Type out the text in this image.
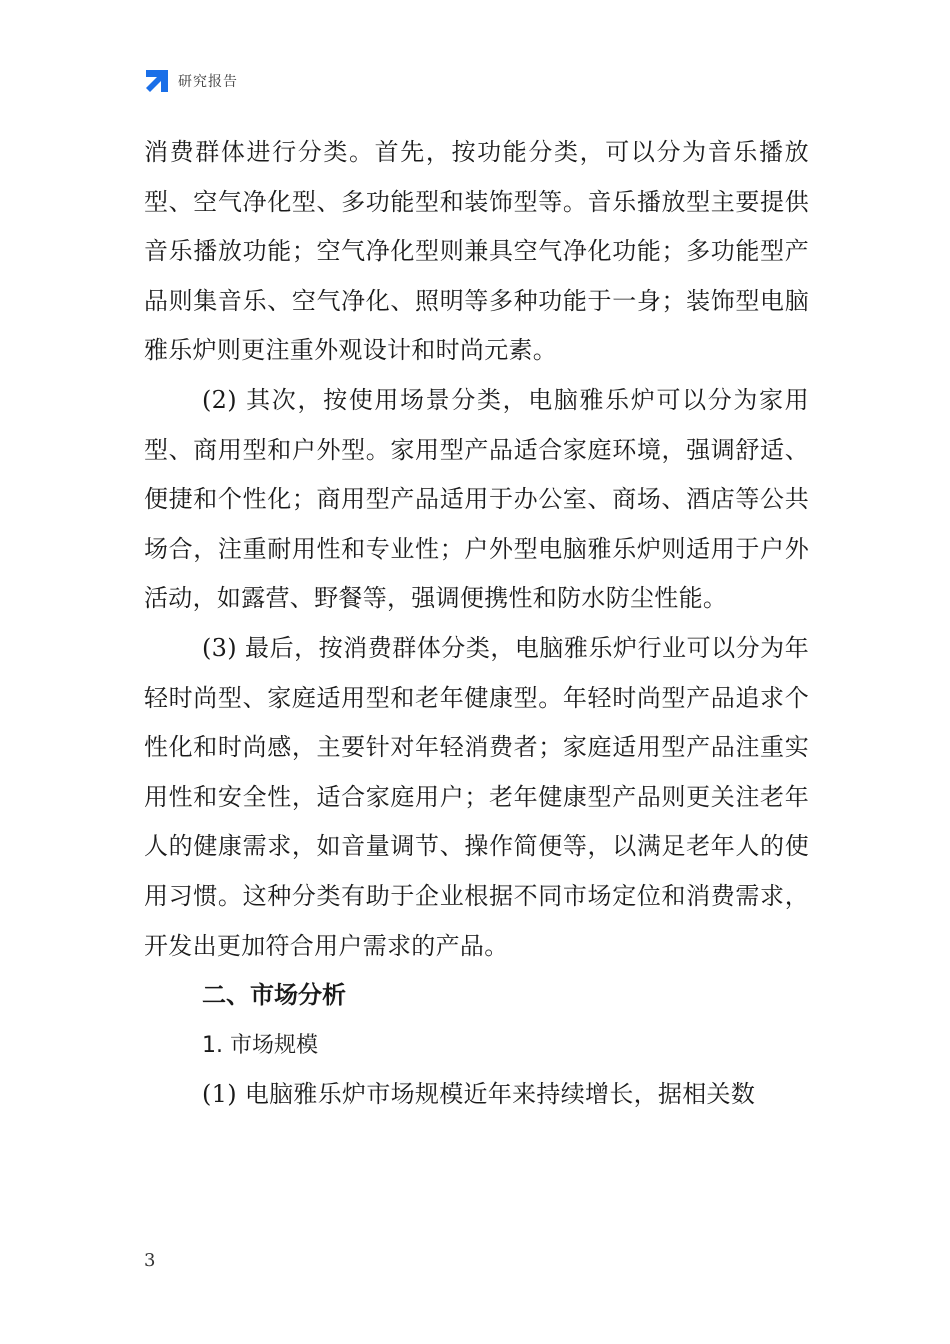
研究报告

消费群体进行分类。首先，按功能分类，可以分为音乐播放型、空气净化型、多功能型和装饰型等。音乐播放型主要提供音乐播放功能；空气净化型则兼具空气净化功能；多功能型产品则集音乐、空气净化、照明等多种功能于一身；装饰型电脑雅乐炉则更注重外观设计和时尚元素。

(2) 其次，按使用场景分类，电脑雅乐炉可以分为家用型、商用型和户外型。家用型产品适合家庭环境，强调舒适、便捷和个性化；商用型产品适用于办公室、商场、酒店等公共场合，注重耐用性和专业性；户外型电脑雅乐炉则适用于户外活动，如露营、野餐等，强调便携性和防水防尘性能。

(3) 最后，按消费群体分类，电脑雅乐炉行业可以分为年轻时尚型、家庭适用型和老年健康型。年轻时尚型产品追求个性化和时尚感，主要针对年轻消费者；家庭适用型产品注重实用性和安全性，适合家庭用户；老年健康型产品则更关注老年人的健康需求，如音量调节、操作简便等，以满足老年人的使用习惯。这种分类有助于企业根据不同市场定位和消费需求，开发出更加符合用户需求的产品。

二、市场分析

1. 市场规模

(1) 电脑雅乐炉市场规模近年来持续增长，据相关数

3
